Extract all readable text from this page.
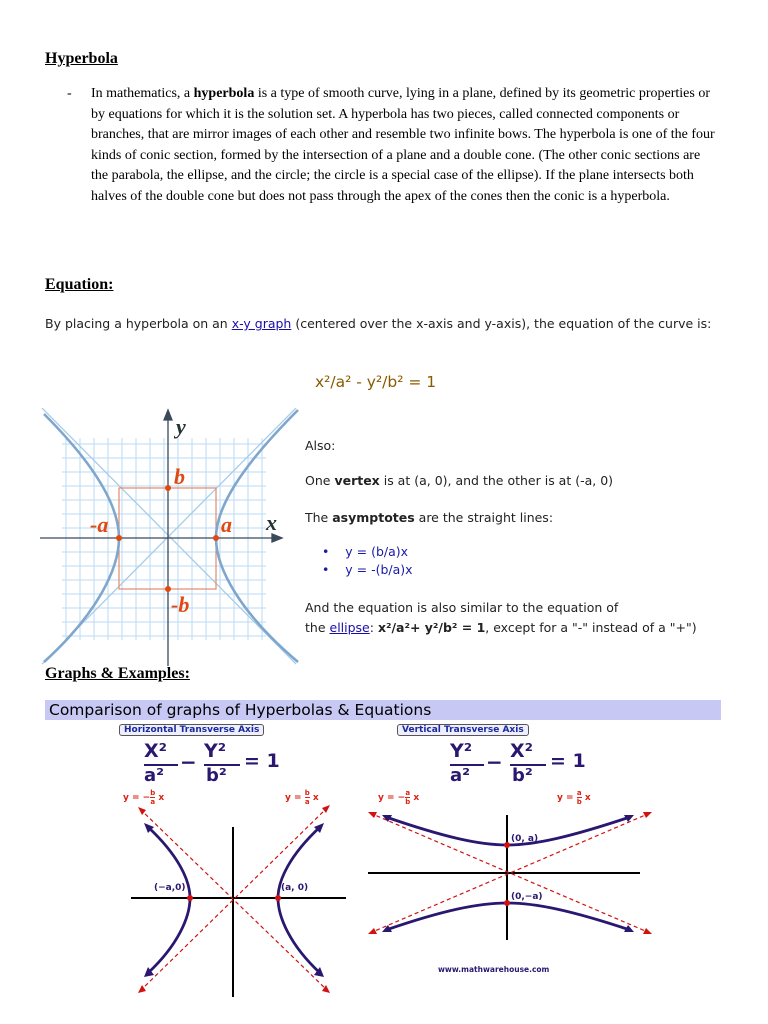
Hyperbola
- In mathematics, a hyperbola is a type of smooth curve, lying in a plane, defined by its geometric properties or by equations for which it is the solution set. A hyperbola has two pieces, called connected components or branches, that are mirror images of each other and resemble two infinite bows. The hyperbola is one of the four kinds of conic section, formed by the intersection of a plane and a double cone. (The other conic sections are the parabola, the ellipse, and the circle; the circle is a special case of the ellipse). If the plane intersects both halves of the double cone but does not pass through the apex of the cones then the conic is a hyperbola.
Equation:
By placing a hyperbola on an x-y graph (centered over the x-axis and y-axis), the equation of the curve is:
x²/a² - y²/b² = 1
y
x
b
-b
a
-a
Also:
One vertex is at (a, 0), and the other is at (-a, 0)
The asymptotes are the straight lines:
• y = (b/a)x
• y = -(b/a)x
And the equation is also similar to the equation of
the ellipse: x²/a²+ y²/b² = 1, except for a "-" instead of a "+")
Graphs & Examples:
Comparison of graphs of Hyperbolas & Equations
Horizontal Transverse Axis
X²
a²
− Y²
b²
= 1
y = − $\frac{b}{a}$ x	$y = \frac{b}{a}$ x
(−a,0)	(a, 0)
Vertical Transverse Axis
Y²
a²
− X²
b²
= 1
y = − $\frac{a}{b}$ x	$y = \frac{a}{b}$ x
(0, a)
(0,−a)
www.mathwarehouse.com
